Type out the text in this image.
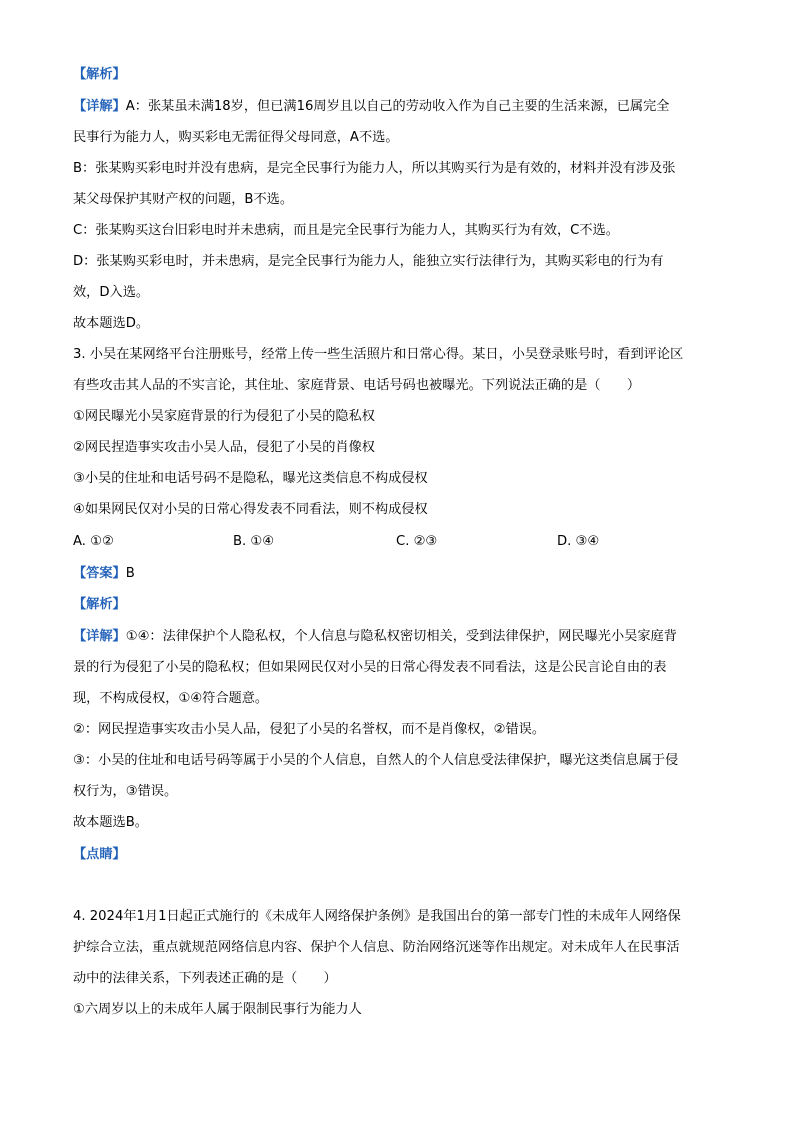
【解析】
【详解】A：张某虽未满18岁，但已满16周岁且以自己的劳动收入作为自己主要的生活来源，已属完全
民事行为能力人，购买彩电无需征得父母同意，A不选。
B：张某购买彩电时并没有患病，是完全民事行为能力人，所以其购买行为是有效的，材料并没有涉及张
某父母保护其财产权的问题，B不选。
C：张某购买这台旧彩电时并未患病，而且是完全民事行为能力人，其购买行为有效，C不选。
D：张某购买彩电时，并未患病，是完全民事行为能力人，能独立实行法律行为，其购买彩电的行为有
效，D入选。
故本题选D。
3. 小吴在某网络平台注册账号，经常上传一些生活照片和日常心得。某日，小吴登录账号时，看到评论区
有些攻击其人品的不实言论，其住址、家庭背景、电话号码也被曝光。下列说法正确的是（　　）
①网民曝光小吴家庭背景的行为侵犯了小吴的隐私权
②网民捏造事实攻击小吴人品，侵犯了小吴的肖像权
③小吴的住址和电话号码不是隐私，曝光这类信息不构成侵权
④如果网民仅对小吴的日常心得发表不同看法，则不构成侵权
A. ①②	B. ①④	C. ②③	D. ③④
【答案】B
【解析】
【详解】①④：法律保护个人隐私权，个人信息与隐私权密切相关，受到法律保护，网民曝光小吴家庭背
景的行为侵犯了小吴的隐私权；但如果网民仅对小吴的日常心得发表不同看法，这是公民言论自由的表
现，不构成侵权，①④符合题意。
②：网民捏造事实攻击小吴人品，侵犯了小吴的名誉权，而不是肖像权，②错误。
③：小吴的住址和电话号码等属于小吴的个人信息，自然人的个人信息受法律保护，曝光这类信息属于侵
权行为，③错误。
故本题选B。
【点睛】
4. 2024年1月1日起正式施行的《未成年人网络保护条例》是我国出台的第一部专门性的未成年人网络保
护综合立法，重点就规范网络信息内容、保护个人信息、防治网络沉迷等作出规定。对未成年人在民事活
动中的法律关系，下列表述正确的是（　　）
①六周岁以上的未成年人属于限制民事行为能力人
